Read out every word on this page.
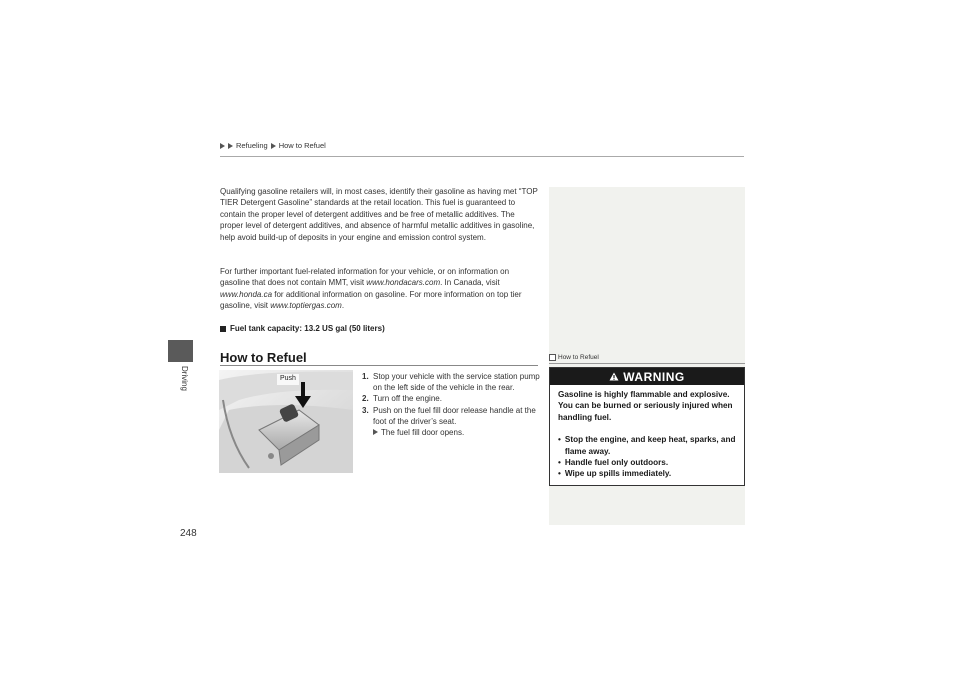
Refueling How to Refuel
Driving
Qualifying gasoline retailers will, in most cases, identify their gasoline as having met “TOP TIER Detergent Gasoline” standards at the retail location. This fuel is guaranteed to contain the proper level of detergent additives and be free of metallic additives. The proper level of detergent additives, and absence of harmful metallic additives in gasoline, help avoid build-up of deposits in your engine and emission control system.
For further important fuel-related information for your vehicle, or on information on gasoline that does not contain MMT, visit www.hondacars.com. In Canada, visit www.honda.ca for additional information on gasoline. For more information on top tier gasoline, visit www.toptiergas.com.
Fuel tank capacity: 13.2 US gal (50 liters)
How to Refuel
Push	1. Stop your vehicle with the service station pump on the left side of the vehicle in the rear.
2. Turn off the engine.
3. Push on the fuel fill door release handle at the foot of the driver’s seat.
The fuel fill door opens.
How to Refuel
WARNING
Gasoline is highly flammable and explosive. You can be burned or seriously injured when handling fuel.
• Stop the engine, and keep heat, sparks, and flame away.
• Handle fuel only outdoors.
• Wipe up spills immediately.
248
